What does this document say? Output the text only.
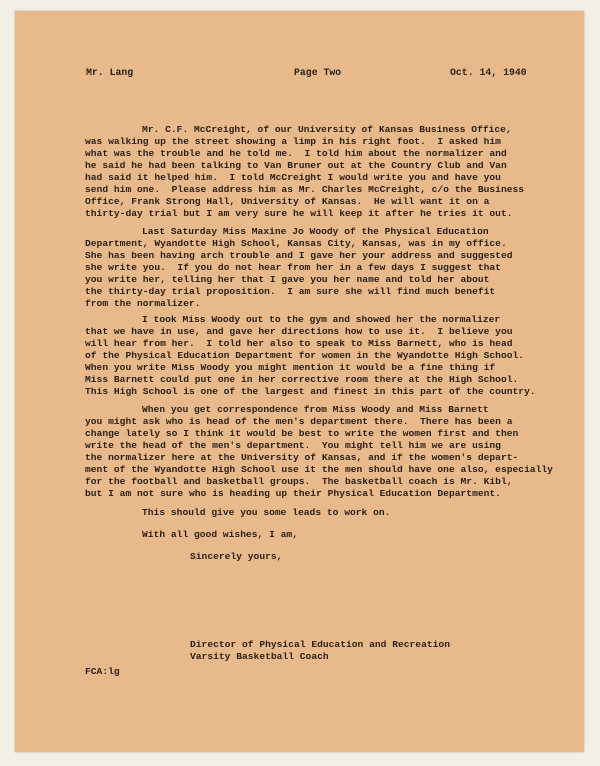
Mr. Lang	Page Two	Oct. 14, 1940
Mr. C.F. McCreight, of our University of Kansas Business Office,
was walking up the street showing a limp in his right foot.  I asked him
what was the trouble and he told me.  I told him about the normalizer and
he said he had been talking to Van Bruner out at the Country Club and Van
had said it helped him.  I told McCreight I would write you and have you
send him one.  Please address him as Mr. Charles McCreight, c/o the Business
Office, Frank Strong Hall, University of Kansas.  He will want it on a
thirty-day trial but I am very sure he will keep it after he tries it out.
Last Saturday Miss Maxine Jo Woody of the Physical Education
Department, Wyandotte High School, Kansas City, Kansas, was in my office.
She has been having arch trouble and I gave her your address and suggested
she write you.  If you do not hear from her in a few days I suggest that
you write her, telling her that I gave you her name and told her about
the thirty-day trial proposition.  I am sure she will find much benefit
from the normalizer.
I took Miss Woody out to the gym and showed her the normalizer
that we have in use, and gave her directions how to use it.  I believe you
will hear from her.  I told her also to speak to Miss Barnett, who is head
of the Physical Education Department for women in the Wyandotte High School.
When you write Miss Woody you might mention it would be a fine thing if
Miss Barnett could put one in her corrective room there at the High School.
This High School is one of the largest and finest in this part of the country.
When you get correspondence from Miss Woody and Miss Barnett
you might ask who is head of the men's department there.  There has been a
change lately so I think it would be best to write the women first and then
write the head of the men's department.  You might tell him we are using
the normalizer here at the University of Kansas, and if the women's depart-
ment of the Wyandotte High School use it the men should have one also, especially
for the football and basketball groups.  The basketball coach is Mr. Kibl,
but I am not sure who is heading up their Physical Education Department.
This should give you some leads to work on.
With all good wishes, I am,
Sincerely yours,
Director of Physical Education and Recreation
Varsity Basketball Coach
FCA:lg
